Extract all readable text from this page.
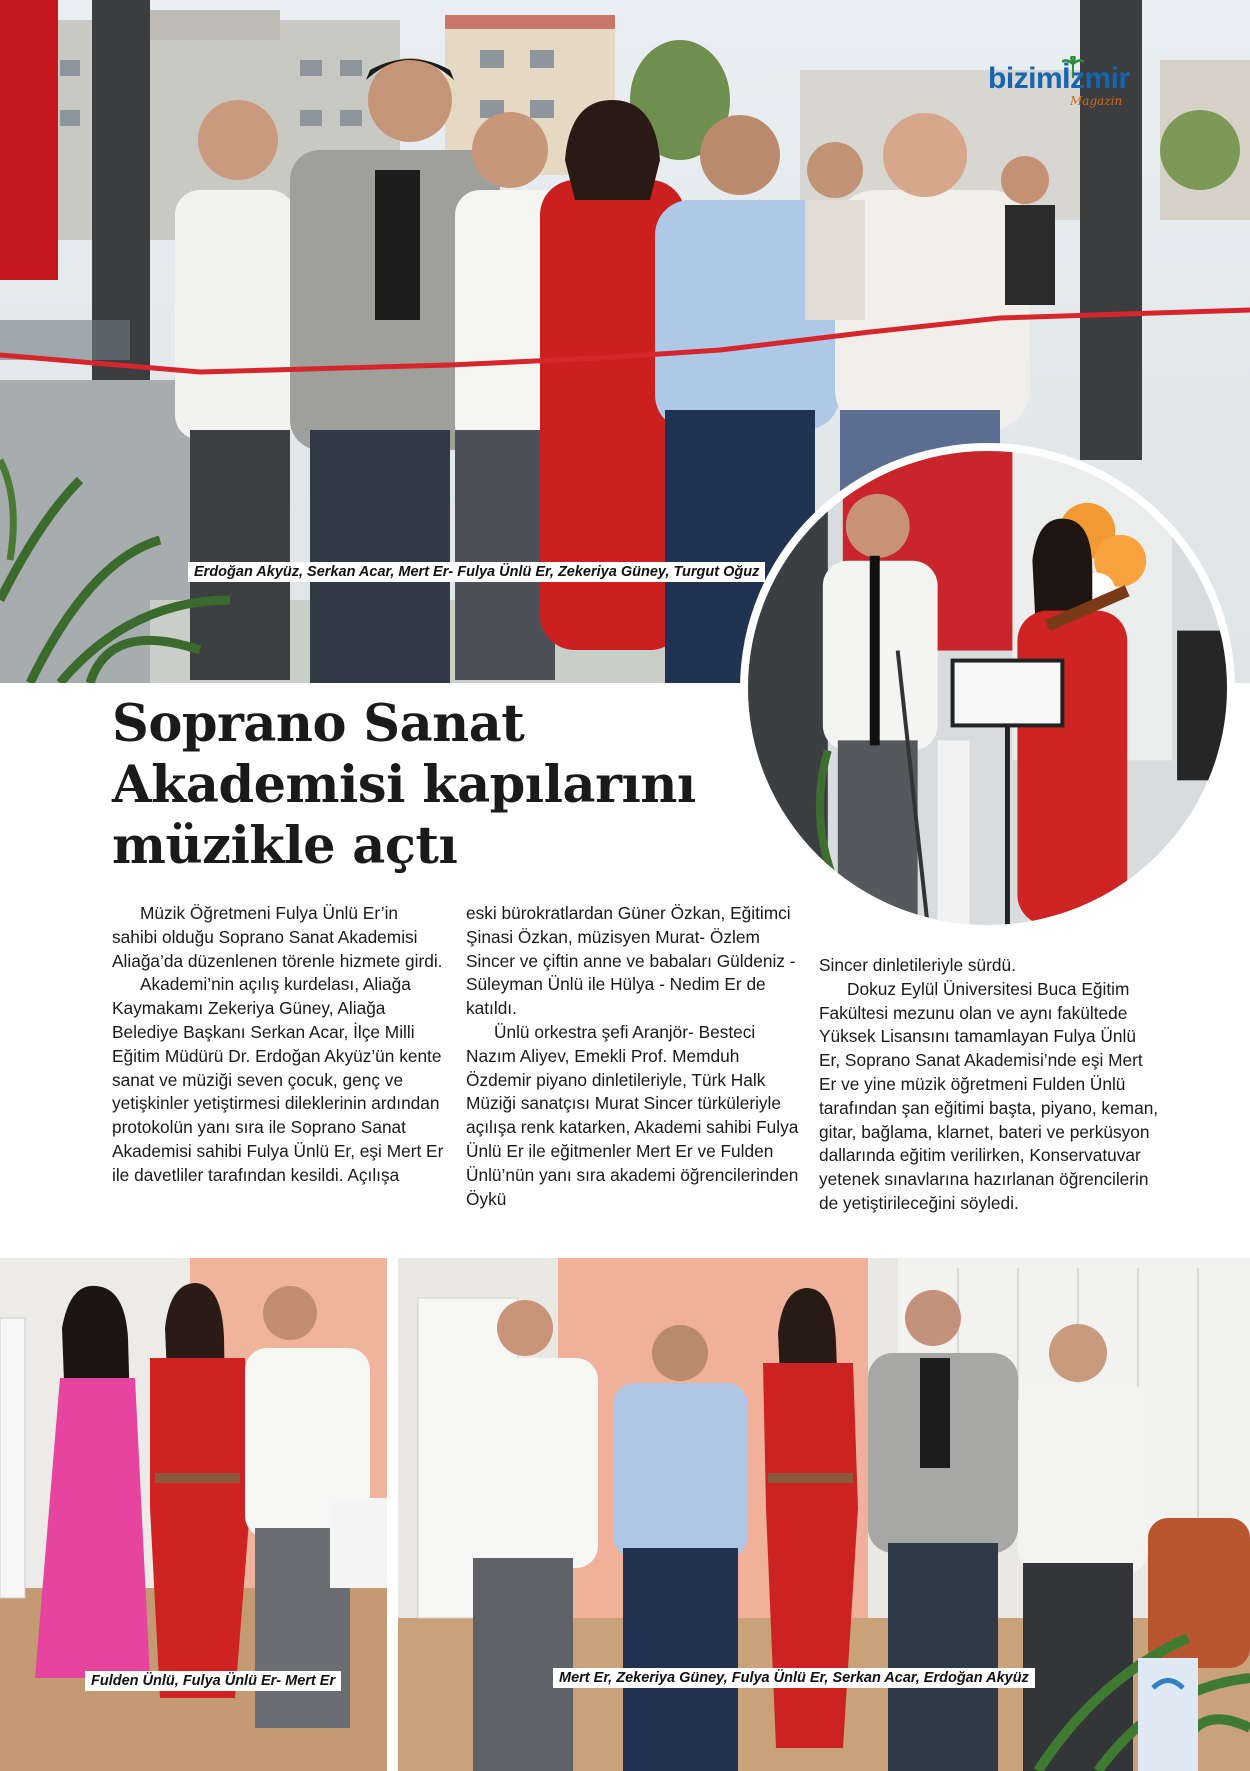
bizimİzmir
Magazin
Erdoğan Akyüz, Serkan Acar, Mert Er- Fulya Ünlü Er, Zekeriya Güney, Turgut Oğuz
Soprano Sanat Akademisi kapılarını müzikle açtı

Müzik Öğretmeni Fulya Ünlü Er’in sahibi olduğu Soprano Sanat Akademisi Aliağa’da düzenlenen törenle hizmete girdi.

Akademi’nin açılış kurdelası, Aliağa Kaymakamı Zekeriya Güney, Aliağa Belediye Başkanı Serkan Acar, İlçe Milli Eğitim Müdürü Dr. Erdoğan Akyüz’ün kente sanat ve müziği seven çocuk, genç ve yetişkinler yetiştirmesi dileklerinin ardından protokolün yanı sıra ile Soprano Sanat Akademisi sahibi Fulya Ünlü Er, eşi Mert Er ile davetliler tarafından kesildi. Açılışa

eski bürokratlardan Güner Özkan, Eğitimci Şinasi Özkan, müzisyen Murat- Özlem Sincer ve çiftin anne ve babaları Güldeniz - Süleyman Ünlü ile Hülya - Nedim Er de katıldı.

Ünlü orkestra şefi Aranjör- Besteci Nazım Aliyev, Emekli Prof. Memduh Özdemir piyano dinletileriyle, Türk Halk Müziği sanatçısı Murat Sincer türküleriyle açılışa renk katarken, Akademi sahibi Fulya Ünlü Er ile eğitmenler Mert Er ve Fulden Ünlü’nün yanı sıra akademi öğrencilerinden Öykü

Sincer dinletileriyle sürdü.

Dokuz Eylül Üniversitesi Buca Eğitim Fakültesi mezunu olan ve aynı fakültede Yüksek Lisansını tamamlayan Fulya Ünlü Er, Soprano Sanat Akademisi’nde eşi Mert Er ve yine müzik öğretmeni Fulden Ünlü tarafından şan eğitimi başta, piyano, keman, gitar, bağlama, klarnet, bateri ve perküsyon dallarında eğitim verilirken, Konservatuvar yetenek sınavlarına hazırlanan öğrencilerin de yetiştirileceğini söyledi.

Fulden Ünlü, Fulya Ünlü Er- Mert Er	Mert Er, Zekeriya Güney, Fulya Ünlü Er, Serkan Acar, Erdoğan Akyüz
